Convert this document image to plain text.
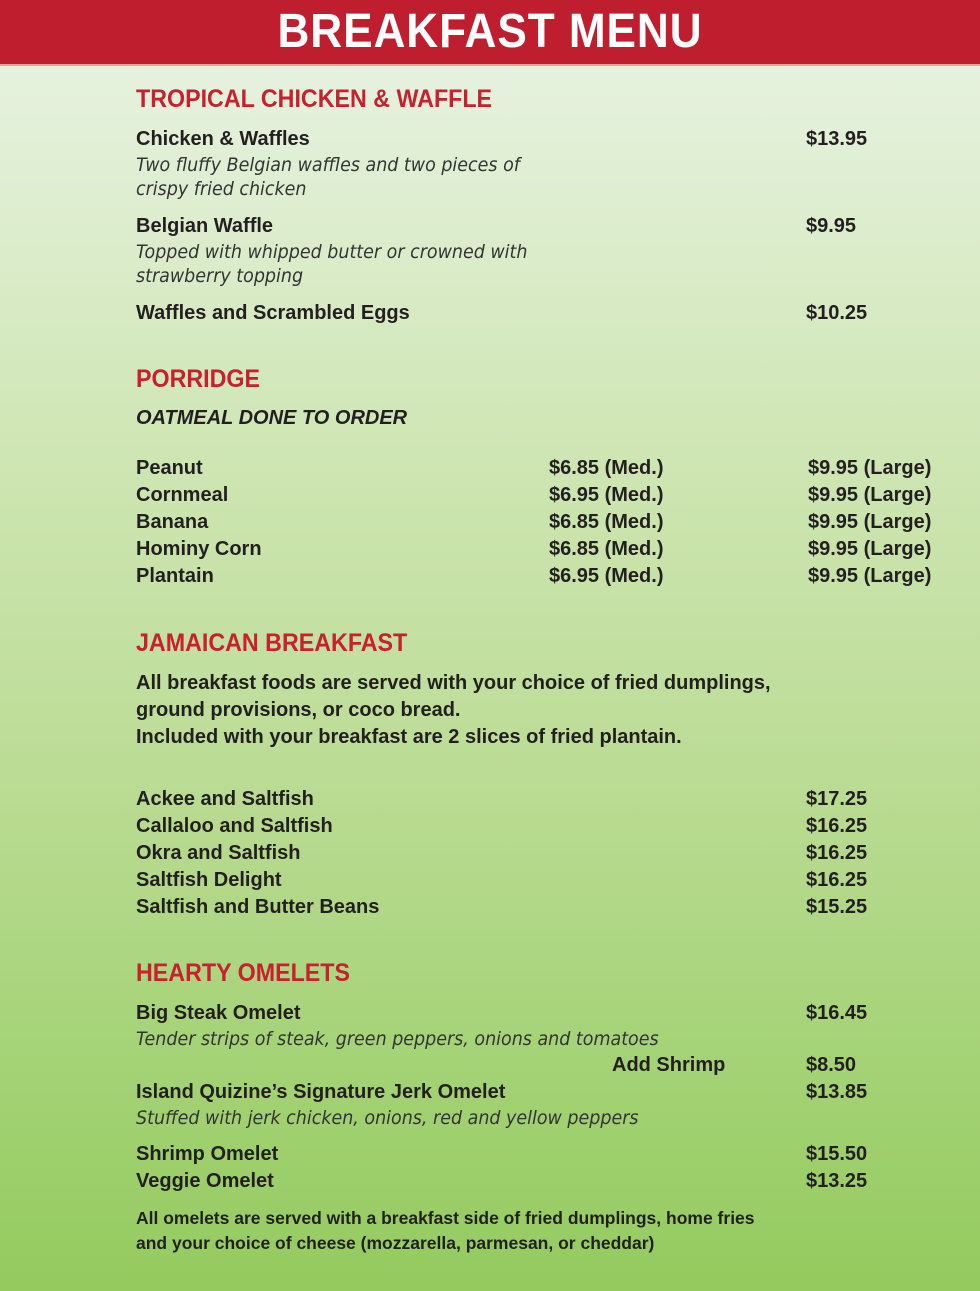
BREAKFAST MENU
TROPICAL CHICKEN & WAFFLE
Chicken & Waffles	$13.95
Two fluffy Belgian waffles and two pieces of
crispy fried chicken
Belgian Waffle	$9.95
Topped with whipped butter or crowned with
strawberry topping
Waffles and Scrambled Eggs	$10.25
PORRIDGE
OATMEAL DONE TO ORDER
Peanut	$6.85 (Med.)	$9.95 (Large)
Cornmeal	$6.95 (Med.)	$9.95 (Large)
Banana	$6.85 (Med.)	$9.95 (Large)
Hominy Corn	$6.85 (Med.)	$9.95 (Large)
Plantain	$6.95 (Med.)	$9.95 (Large)
JAMAICAN BREAKFAST
All breakfast foods are served with your choice of fried dumplings,
ground provisions, or coco bread.
Included with your breakfast are 2 slices of fried plantain.
Ackee and Saltfish	$17.25
Callaloo and Saltfish	$16.25
Okra and Saltfish	$16.25
Saltfish Delight	$16.25
Saltfish and Butter Beans	$15.25
HEARTY OMELETS
Big Steak Omelet	$16.45
Tender strips of steak, green peppers, onions and tomatoes
Add Shrimp	$8.50
Island Quizine’s Signature Jerk Omelet	$13.85
Stuffed with jerk chicken, onions, red and yellow peppers
Shrimp Omelet	$15.50
Veggie Omelet	$13.25
All omelets are served with a breakfast side of fried dumplings, home fries
and your choice of cheese (mozzarella, parmesan, or cheddar)
